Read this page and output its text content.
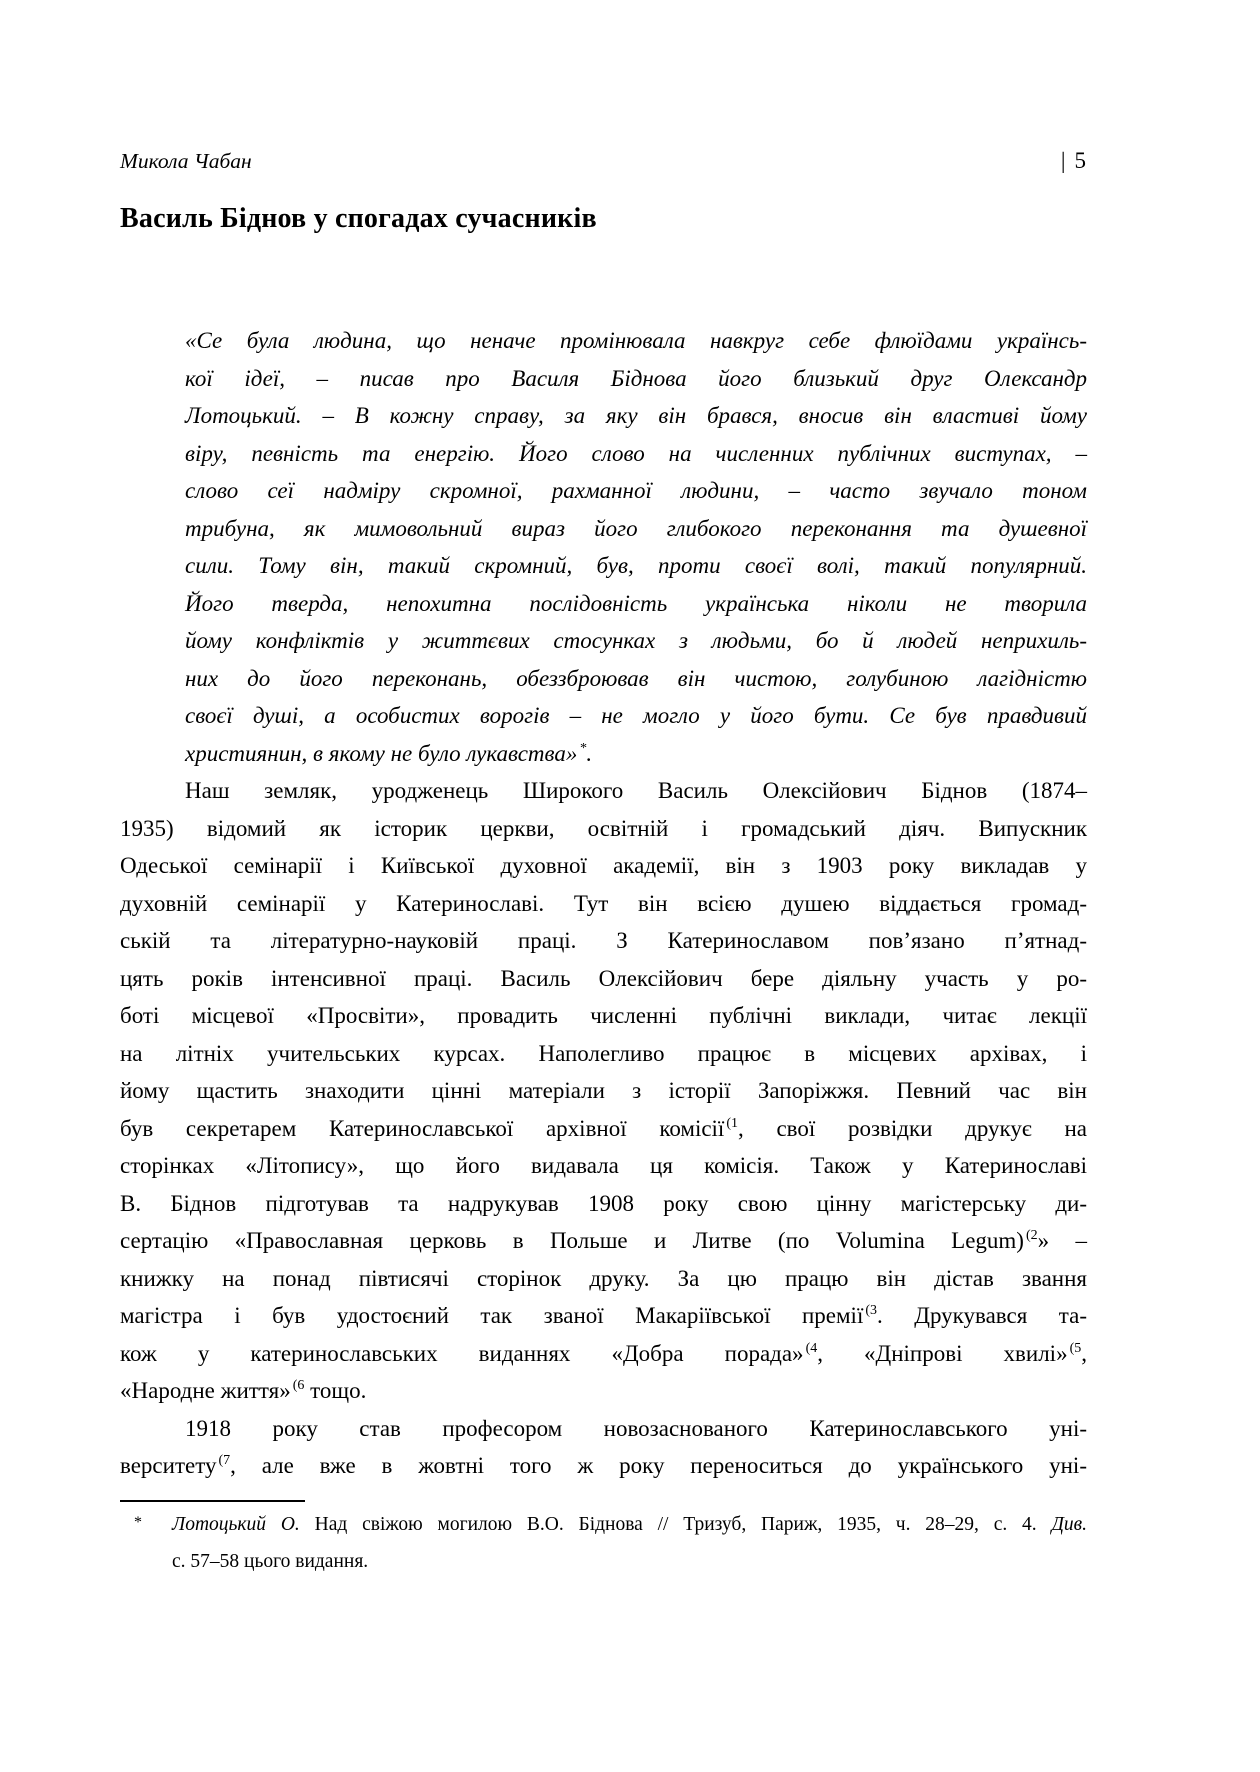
Микола Чабан	| 5
Василь Біднов у спогадах сучасників
«Се була людина, що неначе промінювала навкруг себе флюїдами українсь-
кої ідеї, – писав про Василя Біднова його близький друг Олександр
Лотоцький. – В кожну справу, за яку він брався, вносив він властиві йому
віру, певність та енергію. Його слово на численних публічних виступах, –
слово сеї надміру скромної, рахманної людини, – часто звучало тоном
трибуна, як мимовольний вираз його глибокого переконання та душевної
сили. Тому він, такий скромний, був, проти своєї волі, такий популярний.
Його тверда, непохитна послідовність українська ніколи не творила
йому конфліктів у життєвих стосунках з людьми, бо й людей неприхиль-
них до його переконань, обеззброював він чистою, голубиною лагідністю
своєї душі, а особистих ворогів – не могло у його бути. Се був правдивий
християнин, в якому не було лукавства» *.
Наш земляк, уродженець Широкого Василь Олексійович Біднов (1874–
1935) відомий як історик церкви, освітній і громадський діяч. Випускник
Одеської семінарії і Київської духовної академії, він з 1903 року викладав у
духовній семінарії у Катеринославі. Тут він всією душею віддається громад-
ській та літературно-науковій праці. З Катеринославом пов’язано п’ятнад-
цять років інтенсивної праці. Василь Олексійович бере діяльну участь у ро-
боті місцевої «Просвіти», провадить численні публічні виклади, читає лекції
на літніх учительських курсах. Наполегливо працює в місцевих архівах, і
йому щастить знаходити цінні матеріали з історії Запоріжжя. Певний час він
був секретарем Катеринославської архівної комісії $^{(1}$, свої розвідки друкує на
сторінках «Літопису», що його видавала ця комісія. Також у Катеринославі
В. Біднов підготував та надрукував 1908 року свою цінну магістерську ди-
сертацію «Православная церковь в Польше и Литве (по Volumina Legum) $^{(2}$» –
книжку на понад півтисячі сторінок друку. За цю працю він дістав звання
магістра і був удостоєний так званої Макаріївської премії $^{(3}$. Друкувався та-
кож у катеринославських виданнях «Добра порада» $^{(4}$, «Дніпрові хвилі» $^{(5}$,
«Народне життя» $^{(6}$ тощо.
1918 року став професором новозаснованого Катеринославського уні-
верситету $^{(7}$, але вже в жовтні того ж року переноситься до українського уні-
* Лотоцький О. Над свіжою могилою В.О. Біднова // Тризуб, Париж, 1935, ч. 28–29, с. 4. Див.
с. 57–58 цього видання.
